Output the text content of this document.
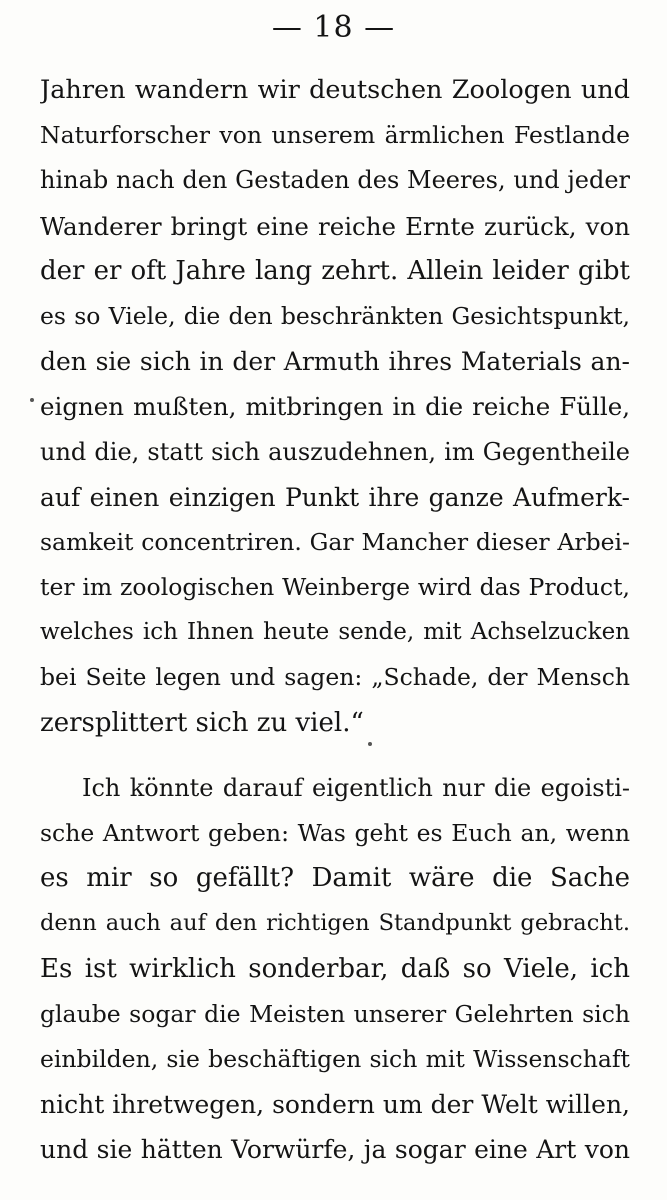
— 18 —
Jahren wandern wir deutschen Zoologen und
Naturforscher von unserem ärmlichen Festlande
hinab nach den Gestaden des Meeres, und jeder
Wanderer bringt eine reiche Ernte zurück, von
der er oft Jahre lang zehrt. Allein leider gibt
es so Viele, die den beschränkten Gesichtspunkt,
den sie sich in der Armuth ihres Materials an-
eignen mußten, mitbringen in die reiche Fülle,
und die, statt sich auszudehnen, im Gegentheile
auf einen einzigen Punkt ihre ganze Aufmerk-
samkeit concentriren. Gar Mancher dieser Arbei-
ter im zoologischen Weinberge wird das Product,
welches ich Ihnen heute sende, mit Achselzucken
bei Seite legen und sagen: „Schade, der Mensch
zersplittert sich zu viel.“
Ich könnte darauf eigentlich nur die egoisti-
sche Antwort geben: Was geht es Euch an, wenn
es mir so gefällt? Damit wäre die Sache
denn auch auf den richtigen Standpunkt gebracht.
Es ist wirklich sonderbar, daß so Viele, ich
glaube sogar die Meisten unserer Gelehrten sich
einbilden, sie beschäftigen sich mit Wissenschaft
nicht ihretwegen, sondern um der Welt willen,
und sie hätten Vorwürfe, ja sogar eine Art von
